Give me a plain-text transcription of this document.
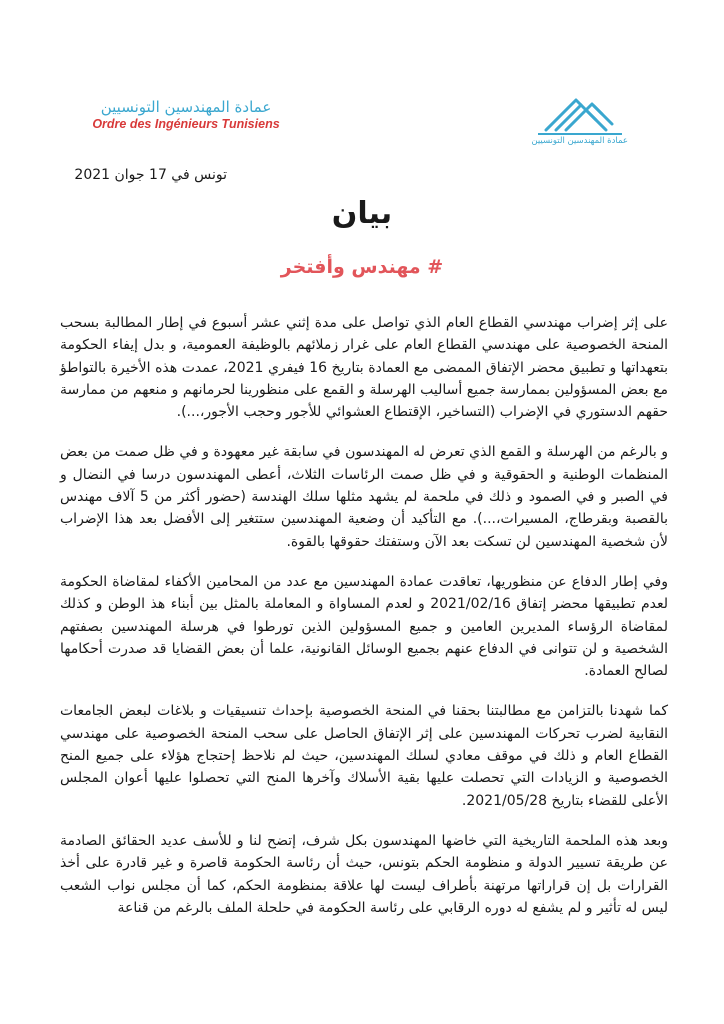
عمادة المهندسين التونسيين
Ordre des Ingénieurs Tunisiens
عمادة المهندسين التونسيين
تونس في 17 جوان 2021
بيان
# مهندس وأفتخر

على إثر إضراب مهندسي القطاع العام الذي تواصل على مدة إثني عشر أسبوع في إطار المطالبة بسحب المنحة الخصوصية على مهندسي القطاع العام على غرار زملائهم بالوظيفة العمومية، و بدل إيفاء الحكومة بتعهداتها و تطبيق محضر الإتفاق الممضى مع العمادة بتاريخ 16 فيفري 2021، عمدت هذه الأخيرة بالتواطؤ مع بعض المسؤولين بممارسة جميع أساليب الهرسلة و القمع على منظورينا لحرمانهم و منعهم من ممارسة حقهم الدستوري في الإضراب (التساخير، الإقتطاع العشوائي للأجور وحجب الأجور،...).

و بالرغم من الهرسلة و القمع الذي تعرض له المهندسون في سابقة غير معهودة و في ظل صمت من بعض المنظمات الوطنية و الحقوقية و في ظل صمت الرئاسات الثلاث، أعطى المهندسون درسا في النضال و في الصبر و في الصمود و ذلك في ملحمة لم يشهد مثلها سلك الهندسة (حضور أكثر من 5 آلاف مهندس بالقصبة وبقرطاج، المسيرات،...). مع التأكيد أن وضعية المهندسين ستتغير إلى الأفضل بعد هذا الإضراب لأن شخصية المهندسين لن تسكت بعد الآن وستفتك حقوقها بالقوة.

وفي إطار الدفاع عن منظوريها، تعاقدت عمادة المهندسين مع عدد من المحامين الأكفاء لمقاضاة الحكومة لعدم تطبيقها محضر إتفاق 2021/02/16 و لعدم المساواة و المعاملة بالمثل بين أبناء هذ الوطن و كذلك لمقاضاة الرؤساء المديرين العامين و جميع المسؤولين الذين تورطوا في هرسلة المهندسين بصفتهم الشخصية و لن تتوانى في الدفاع عنهم بجميع الوسائل القانونية، علما أن بعض القضايا قد صدرت أحكامها لصالح العمادة.

كما شهدنا بالتزامن مع مطالبتنا بحقنا في المنحة الخصوصية بإحداث تنسيقيات و بلاغات لبعض الجامعات النقابية لضرب تحركات المهندسين على إثر الإتفاق الحاصل على سحب المنحة الخصوصية على مهندسي القطاع العام و ذلك في موقف معادي لسلك المهندسين، حيث لم نلاحظ إحتجاج هؤلاء على جميع المنح الخصوصية و الزيادات التي تحصلت عليها بقية الأسلاك وآخرها المنح التي تحصلوا عليها أعوان المجلس الأعلى للقضاء بتاريخ 2021/05/28.

وبعد هذه الملحمة التاريخية التي خاضها المهندسون بكل شرف، إتضح لنا و للأسف عديد الحقائق الصادمة عن طريقة تسيير الدولة و منظومة الحكم بتونس، حيث أن رئاسة الحكومة قاصرة و غير قادرة على أخذ القرارات بل إن قراراتها مرتهنة بأطراف ليست لها علاقة بمنظومة الحكم، كما أن مجلس نواب الشعب ليس له تأثير و لم يشفع له دوره الرقابي على رئاسة الحكومة في حلحلة الملف بالرغم من قناعة
